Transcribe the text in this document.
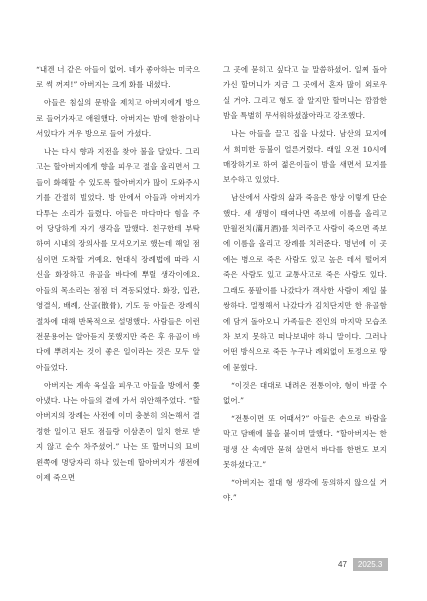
“내겐 너 같은 아들이 없어. 네가 좋아하는 미국으로 썩 꺼져!” 아버지는 크게 화를 내셨다.

아들은 침실의 문밖을 제치고 아버지에게 방으로 들어가자고 애원했다. 아버지는 밤에 한참이나 서있다가 겨우 방으로 들어 가셨다.

나는 다시 향과 지전을 찾아 불을 달았다. 그리고는 할아버지에게 향을 피우고 절을 올리면서 그들이 화해할 수 있도록 할아버지가 많이 도와주시기를 간절히 빌었다. 방 안에서 아들과 아버지가 다투는 소리가 들렸다. 아들은 마다마다 힘을 주어 당당하게 자기 생각을 말했다. 친구한테 부탁하여 시내의 장의사를 모셔오기로 했는데 해일 점심이면 도착할 거예요. 현대식 장례법에 따라 시신을 화장하고 유골을 바다에 뿌릴 생각이에요. 아들의 목소리는 점점 더 격동되였다. 화장, 입관, 영결식, 배례, 산골(散骨), 기도 등 아들은 장례식절차에 대해 반복적으로 설명했다. 사람들은 이런 전문용어는 알아듣지 못했지만 죽은 후 유골이 바다에 뿌려지는 것이 좋은 일이라는 것은 모두 알아들었다.

아버지는 계속 육실을 피우고 아들을 방에서 쫓아냈다. 나는 아들의 곁에 가서 위안해주었다. “할아버지의 장례는 사전에 이미 충분히 의논해서 결정한 일이고 된도 점들랑 이삼촌이 일치 한로 받지 않고 순수 차주셨어.” 나는 또 할머니의 묘비 왼쪽에 명당자리 하나 있는데 할아버지가 생전에 이제 죽으면

그 곳에 묻히고 싶다고 늘 말씀하셨어. 일찌 돌아가신 할머니가 지금 그 곳에서 혼자 많이 외로우실 거야. 그리고 형도 잘 알지만 할머니는 깜깜한 밤을 특별히 무서워하셨잖아라고 강조했다.

나는 아들을 끌고 집을 나섰다. 남산의 묘지에서 희미한 등불이 얼른거렸다. 래일 오전 10시에 매장하기로 하여 젊은이들이 밤을 새면서 묘지를 보수하고 있었다.

남산에서 사람의 삶과 죽음은 항상 이렇게 단순했다. 새 생명이 태여나면 족보에 이름을 올리고 만월전치(滿月酒)를 치러주고 사람이 죽으면 족보에 이름을 올리고 장례를 치러준다. 명년에 이 곳에는 병으로 죽은 사람도 있고 높은 데서 떨어져 죽은 사람도 있고 교통사고로 죽은 사람도 있다. 그래도 풍팔이를 나갔다가 객사한 사람이 제일 불쌍하다. 멀쩡해서 나갔다가 김치단지만 한 유골함에 담겨 돌아오니 가족들은 진인의 마지막 모습조차 보지 못하고 떠나보내야 하니 말이다. 그러나 어떤 방식으로 죽든 누구나 례외없이 토정으로 땅에 묻혔다.

“이것은 대대로 내려온 전통이야, 형이 바꿀 수 없어.”

“전통이면 또 어때서?” 아들은 손으로 바람을 막고 담배에 불을 붙이며 말했다. “할아버지는 한평생 산 속에만 묻혀 살면서 바다를 한번도 보지 못하셨다고.”

“아버지는 절대 형 생각에 동의하지 않으실 거야.”

47	2025.3
